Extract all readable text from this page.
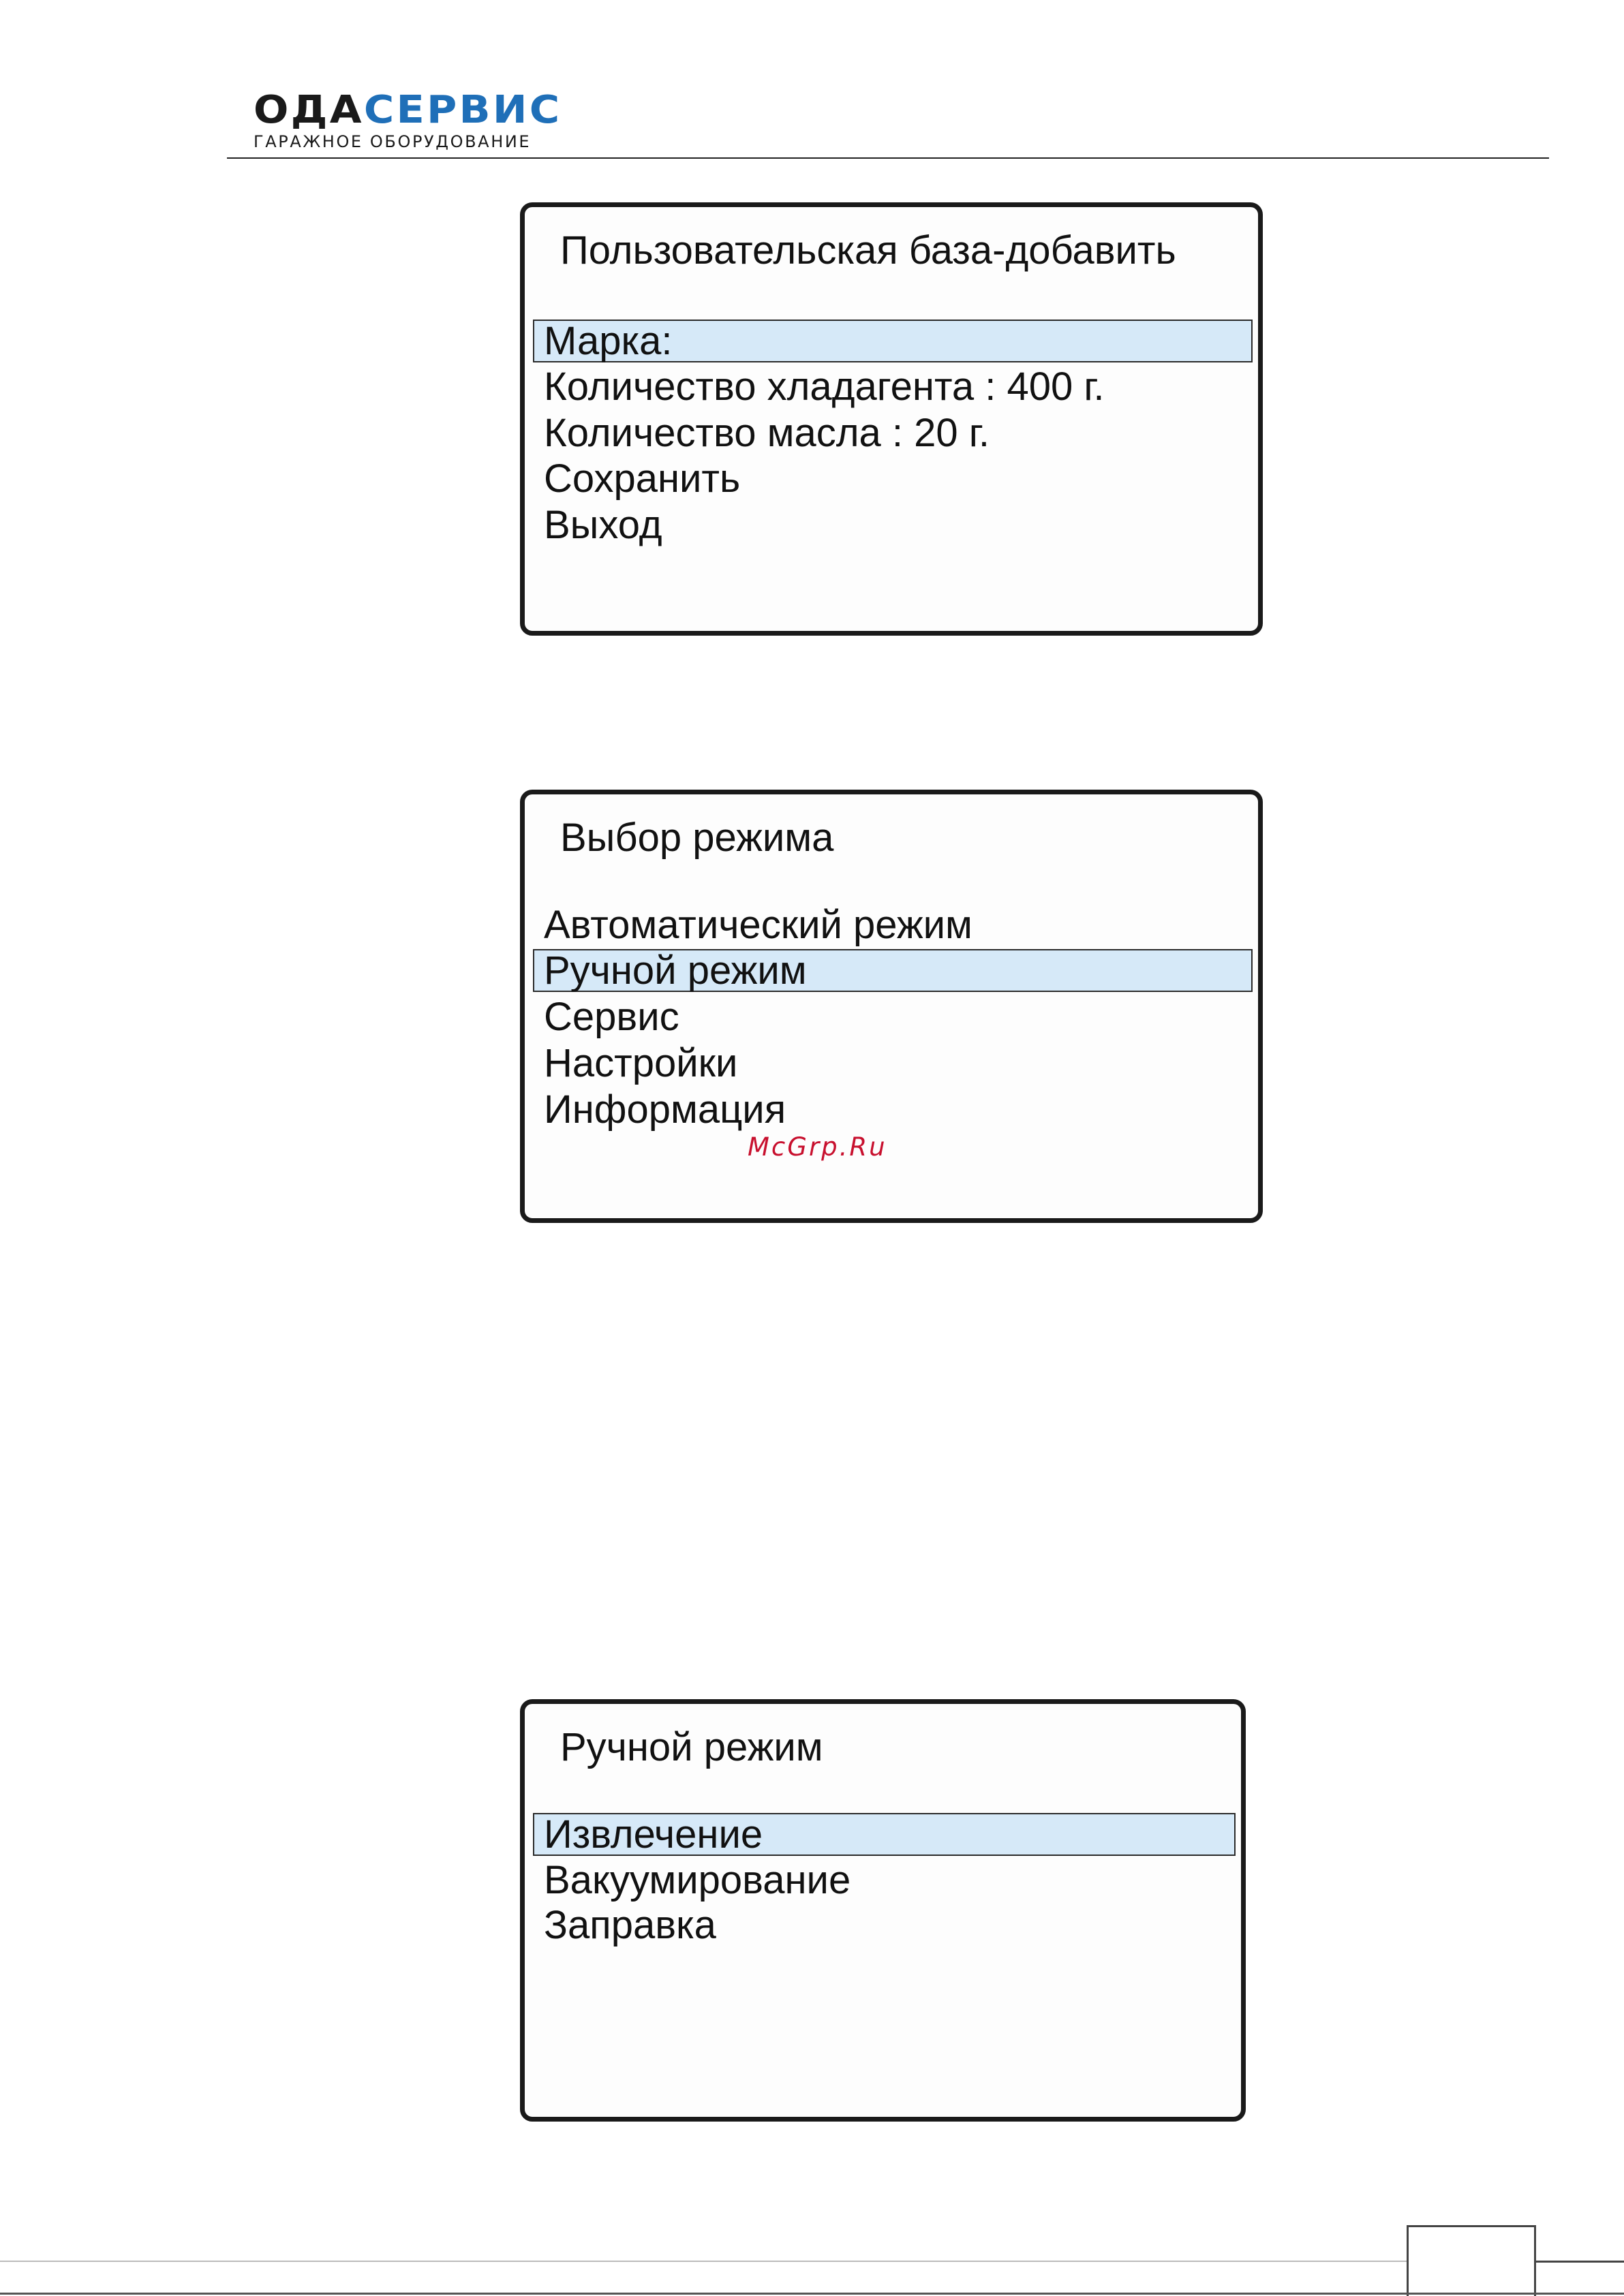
ОДАСЕРВИС
ГАРАЖНОЕ ОБОРУДОВАНИЕ
Пользовательская база-добавить
Марка:
Количество хладагента : 400 г.
Количество масла : 20 г.
Сохранить
Выход
Выбор режима
Автоматический режим
Ручной режим
Сервис
Настройки
Информация
McGrp.Ru
Ручной режим
Извлечение
Вакуумирование
Заправка
